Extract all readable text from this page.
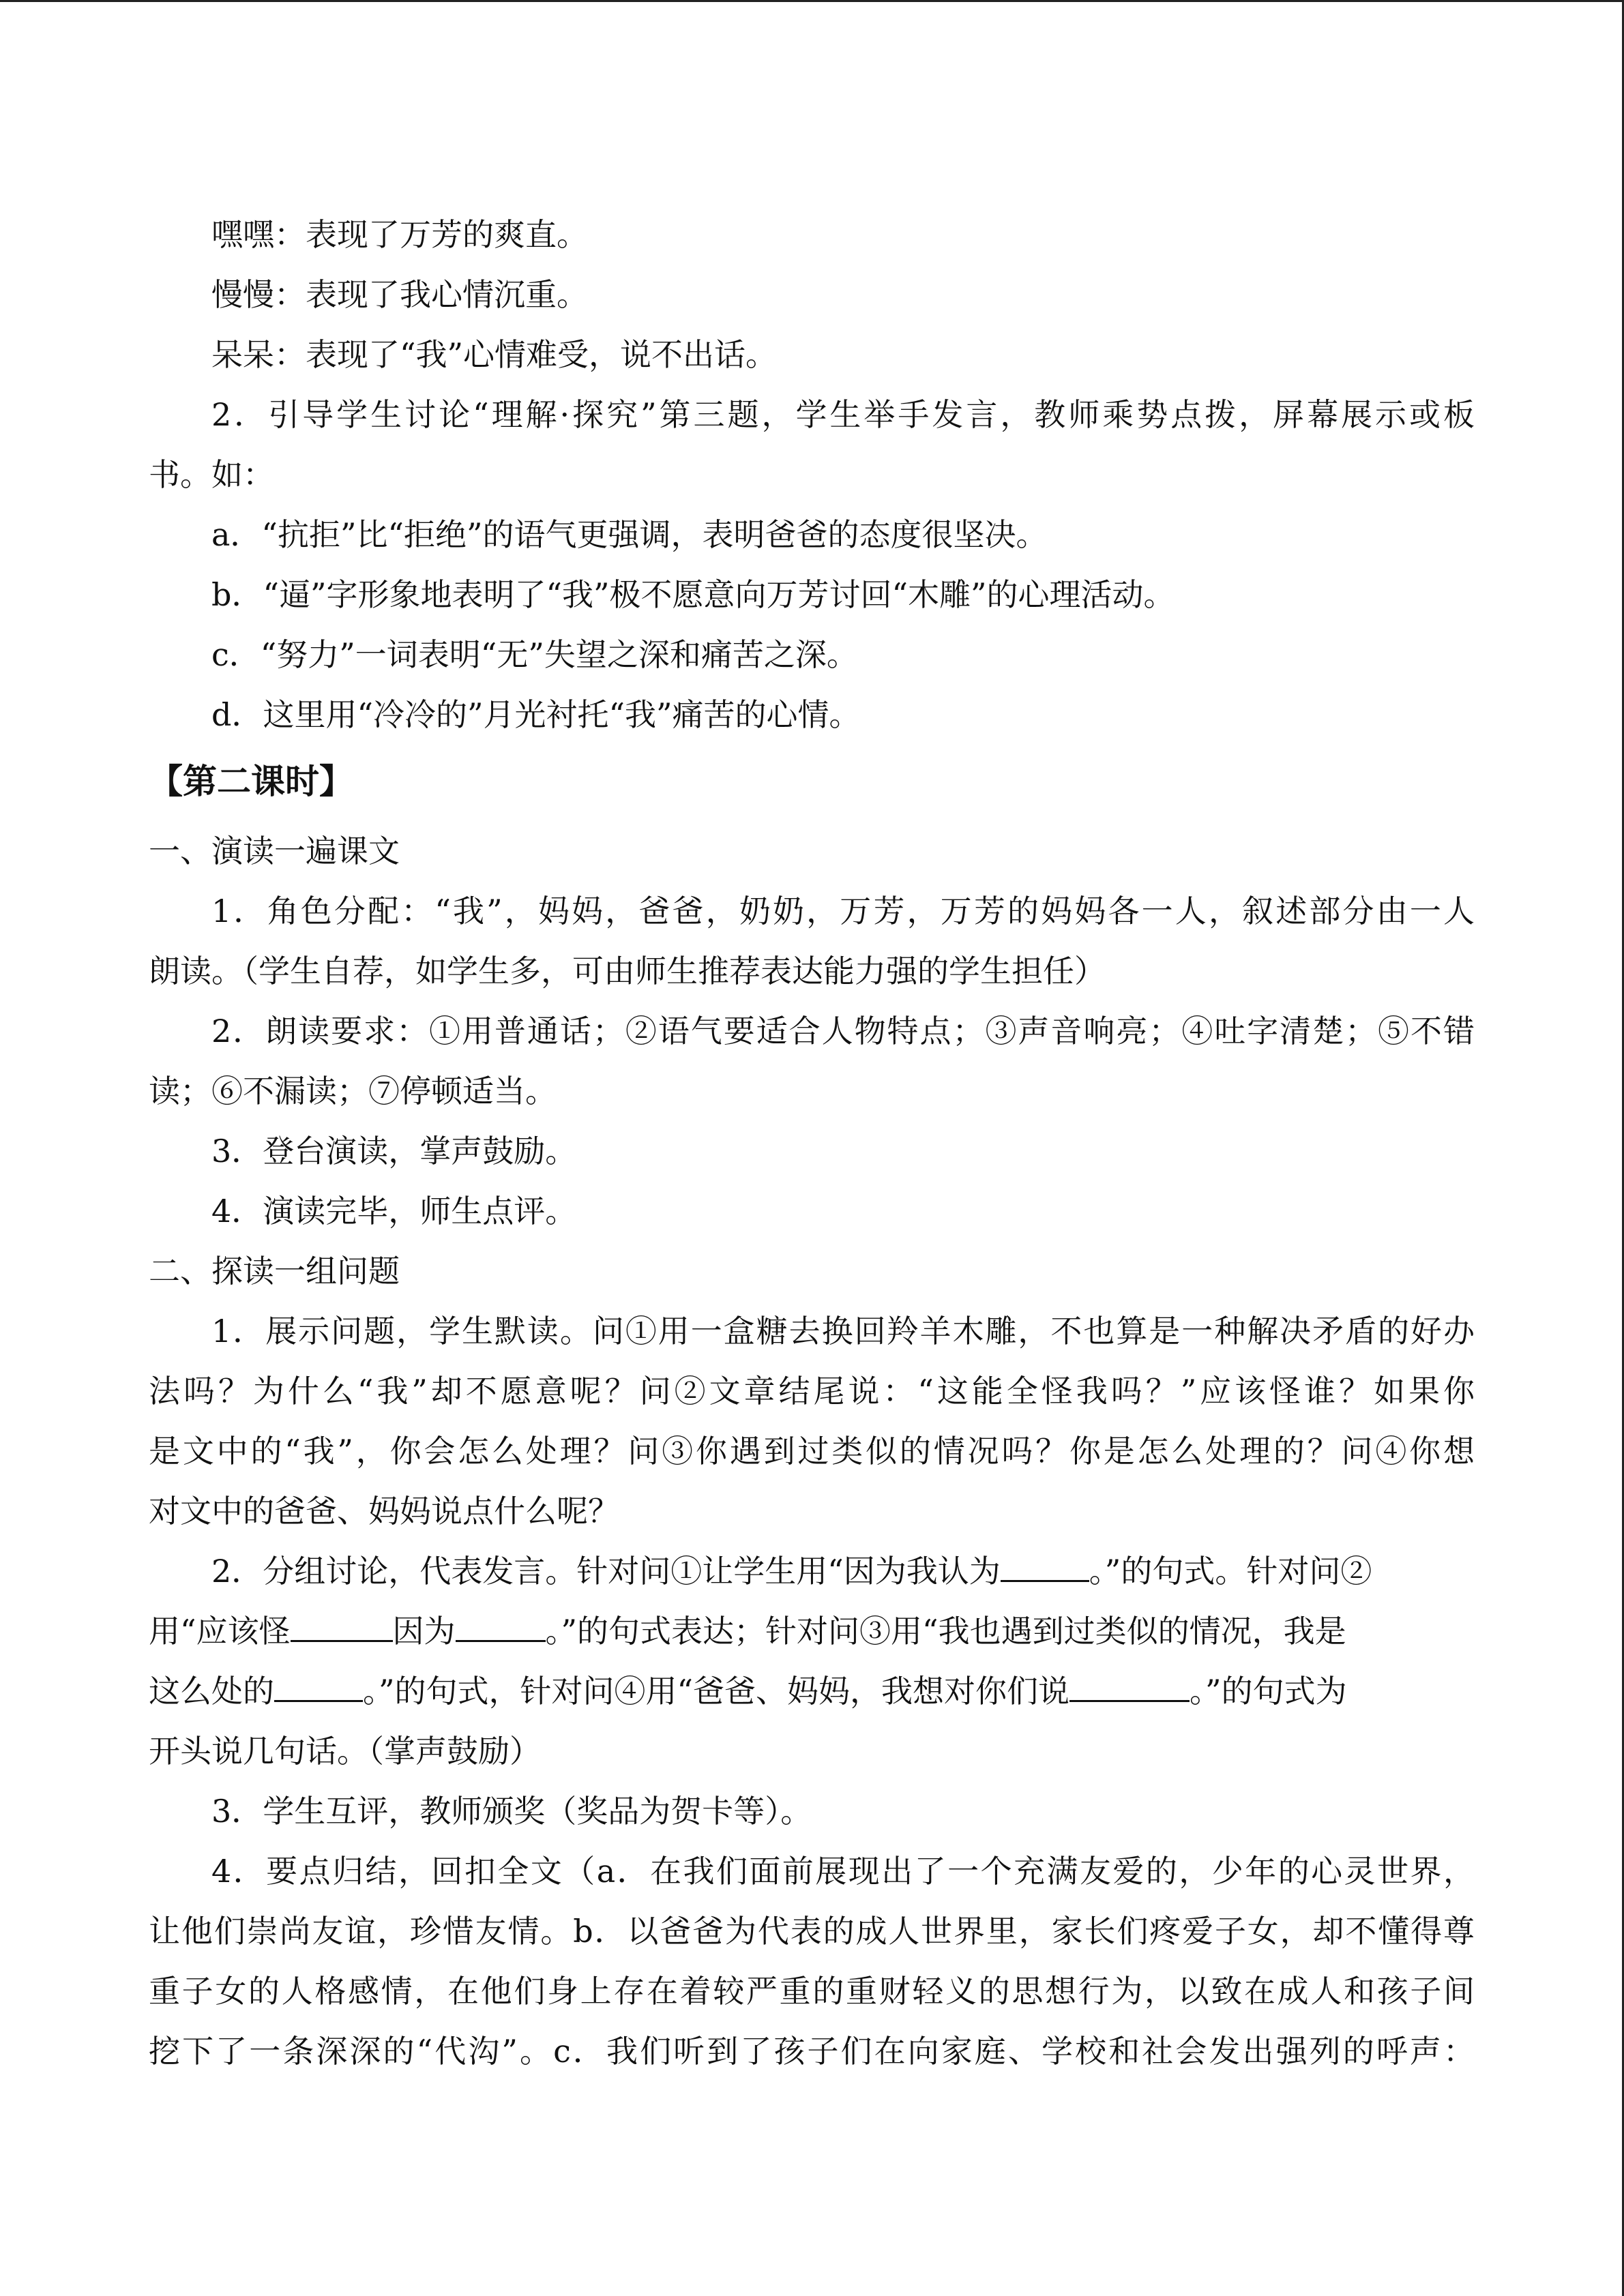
嘿嘿：表现了万芳的爽直。

慢慢：表现了我心情沉重。

呆呆：表现了“我”心情难受，说不出话。

2．引导学生讨论“理解·探究”第三题，学生举手发言，教师乘势点拨，屏幕展示或板

书。如：

a．“抗拒”比“拒绝”的语气更强调，表明爸爸的态度很坚决。

b．“逼”字形象地表明了“我”极不愿意向万芳讨回“木雕”的心理活动。

c．“努力”一词表明“无”失望之深和痛苦之深。

d．这里用“冷冷的”月光衬托“我”痛苦的心情。

【第二课时】

一、演读一遍课文

1．角色分配：“我”，妈妈，爸爸，奶奶，万芳，万芳的妈妈各一人，叙述部分由一人

朗读。（学生自荐，如学生多，可由师生推荐表达能力强的学生担任）

2．朗读要求：①用普通话；②语气要适合人物特点；③声音响亮；④吐字清楚；⑤不错

读；⑥不漏读；⑦停顿适当。

3．登台演读，掌声鼓励。

4．演读完毕，师生点评。

二、探读一组问题

1．展示问题，学生默读。问①用一盒糖去换回羚羊木雕，不也算是一种解决矛盾的好办

法吗？为什么“我”却不愿意呢？问②文章结尾说：“这能全怪我吗？”应该怪谁？如果你

是文中的“我”，你会怎么处理？问③你遇到过类似的情况吗？你是怎么处理的？问④你想

对文中的爸爸、妈妈说点什么呢？

2．分组讨论，代表发言。针对问①让学生用“因为我认为	。”的句式。针对问②

用“应该怪	因为	。”的句式表达；针对问③用“我也遇到过类似的情况，我是

这么处的	。”的句式，针对问④用“爸爸、妈妈，我想对你们说	。”的句式为

开头说几句话。（掌声鼓励）

3．学生互评，教师颁奖（奖品为贺卡等）。

4．要点归结，回扣全文（a．在我们面前展现出了一个充满友爱的，少年的心灵世界，

让他们崇尚友谊，珍惜友情。b．以爸爸为代表的成人世界里，家长们疼爱子女，却不懂得尊

重子女的人格感情，在他们身上存在着较严重的重财轻义的思想行为，以致在成人和孩子间

挖下了一条深深的“代沟”。c．我们听到了孩子们在向家庭、学校和社会发出强列的呼声：
